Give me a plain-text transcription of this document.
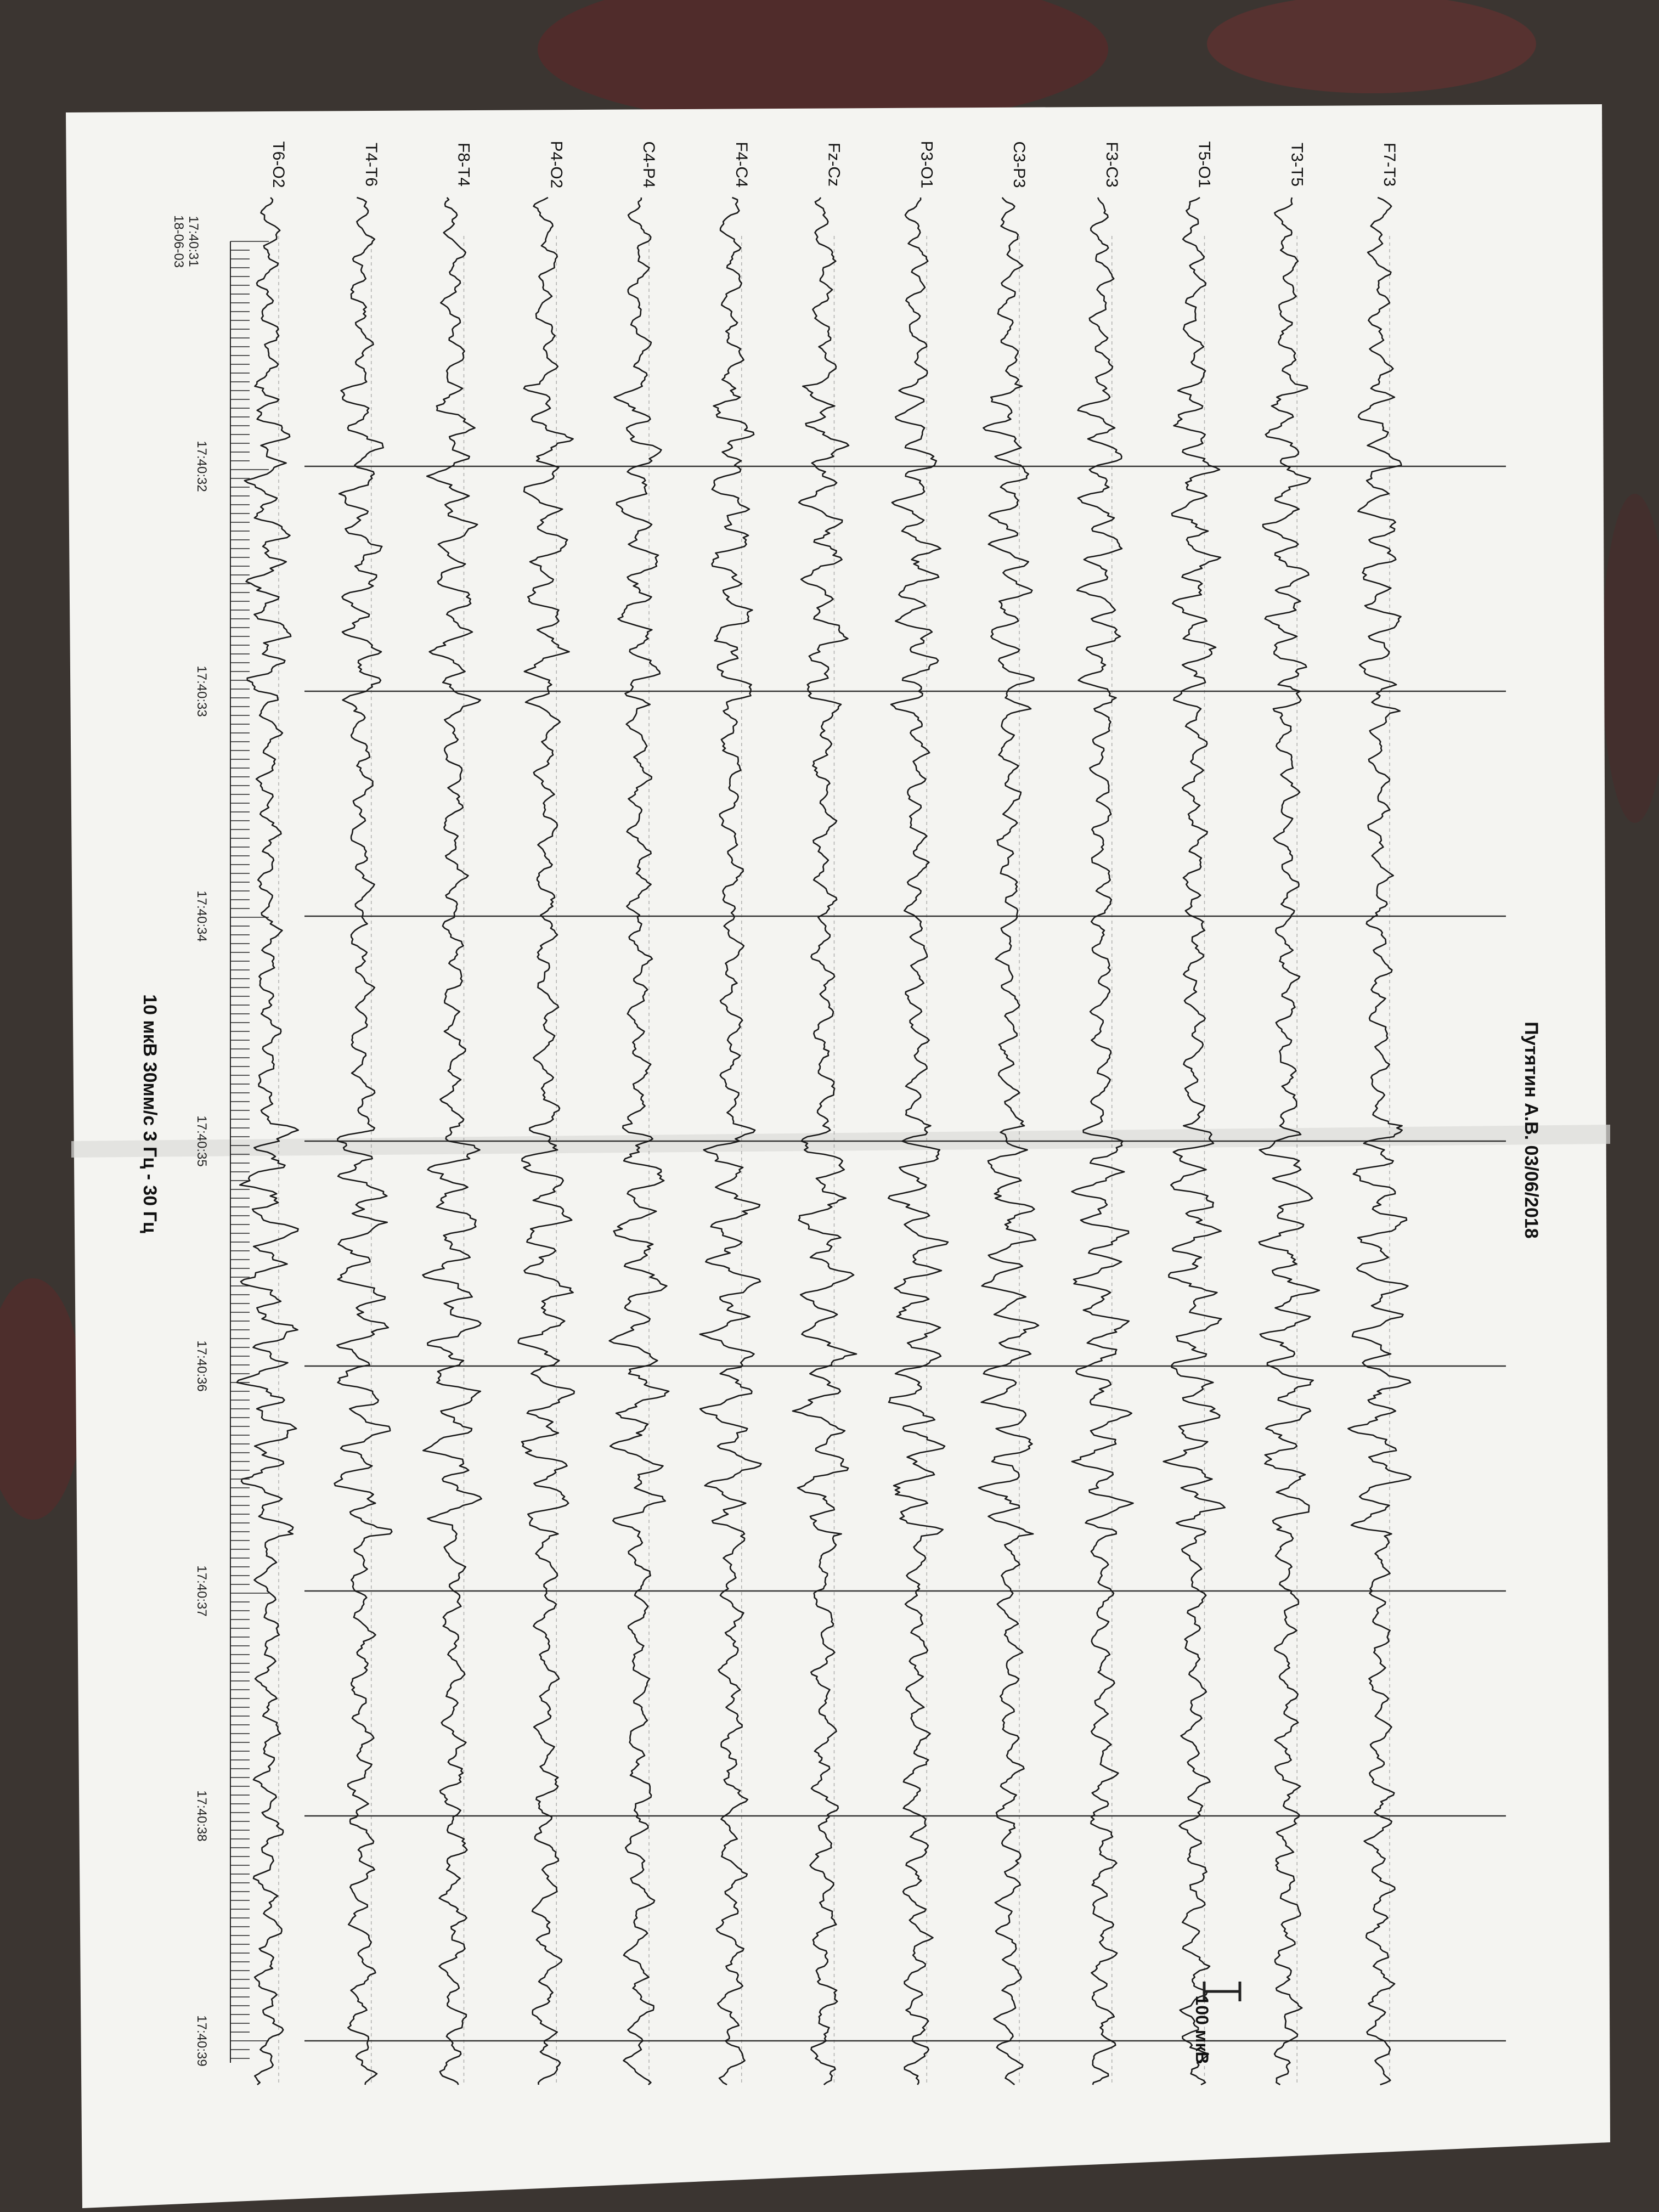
17:40:31
17:40:32
17:40:33
17:40:34
17:40:35
17:40:36
17:40:37
17:40:38
17:40:39
F7-T3
T3-T5
T5-O1
F3-C3
C3-P3
P3-O1
Fz-Cz
F4-C4
C4-P4
P4-O2
F8-T4
T4-T6
T6-O2
Путятин А.В. 03/06/2018
10 мкВ 30мм/с 3 Гц - 30 Гц
100 мкВ
18-06-03
